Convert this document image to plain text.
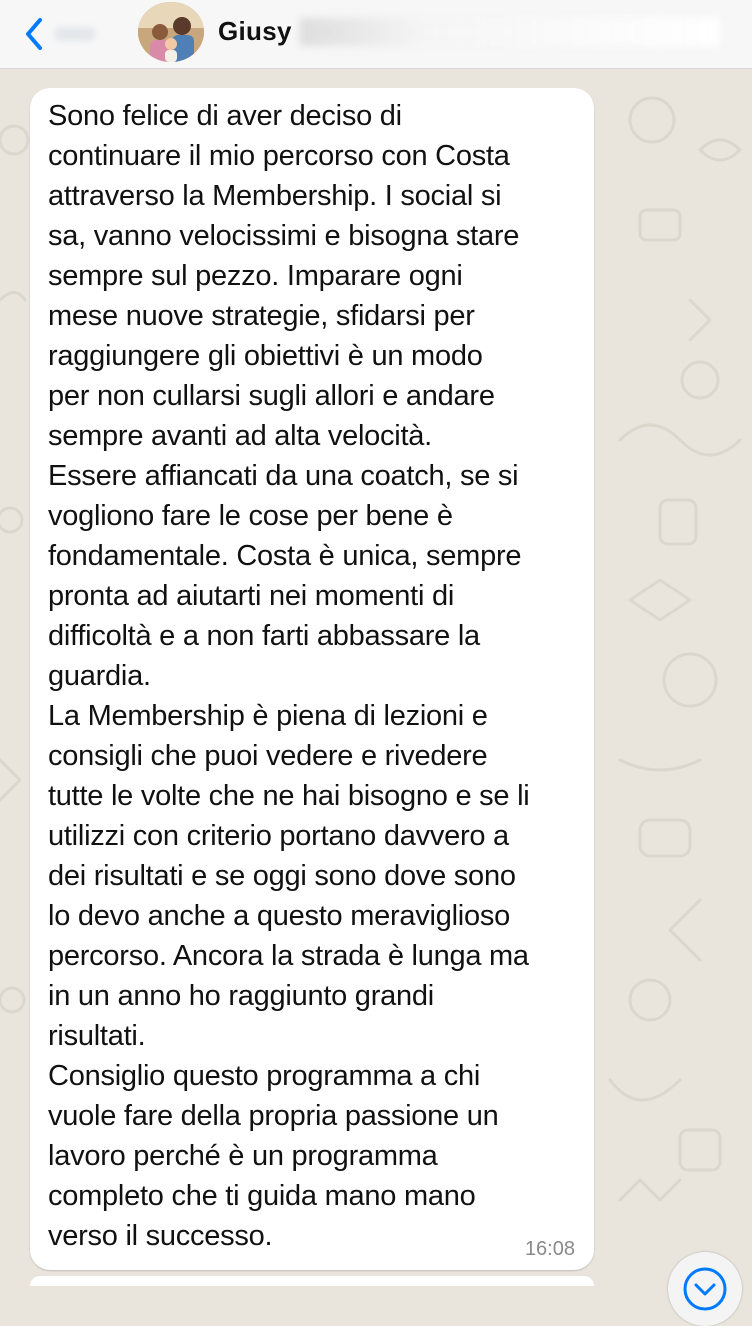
Giusy

Sono felice di aver deciso di
continuare il mio percorso con Costa
attraverso la Membership. I social si
sa, vanno velocissimi e bisogna stare
sempre sul pezzo. Imparare ogni
mese nuove strategie, sfidarsi per
raggiungere gli obiettivi è un modo
per non cullarsi sugli allori e andare
sempre avanti ad alta velocità.
Essere affiancati da una coatch, se si
vogliono fare le cose per bene è
fondamentale. Costa è unica, sempre
pronta ad aiutarti nei momenti di
difficoltà e a non farti abbassare la
guardia.
La Membership è piena di lezioni e
consigli che puoi vedere e rivedere
tutte le volte che ne hai bisogno e se li
utilizzi con criterio portano davvero a
dei risultati e se oggi sono dove sono
lo devo anche a questo meraviglioso
percorso. Ancora la strada è lunga ma
in un anno ho raggiunto grandi
risultati.
Consiglio questo programma a chi
vuole fare della propria passione un
lavoro perché è un programma
completo che ti guida mano mano
verso il successo.	16:08
